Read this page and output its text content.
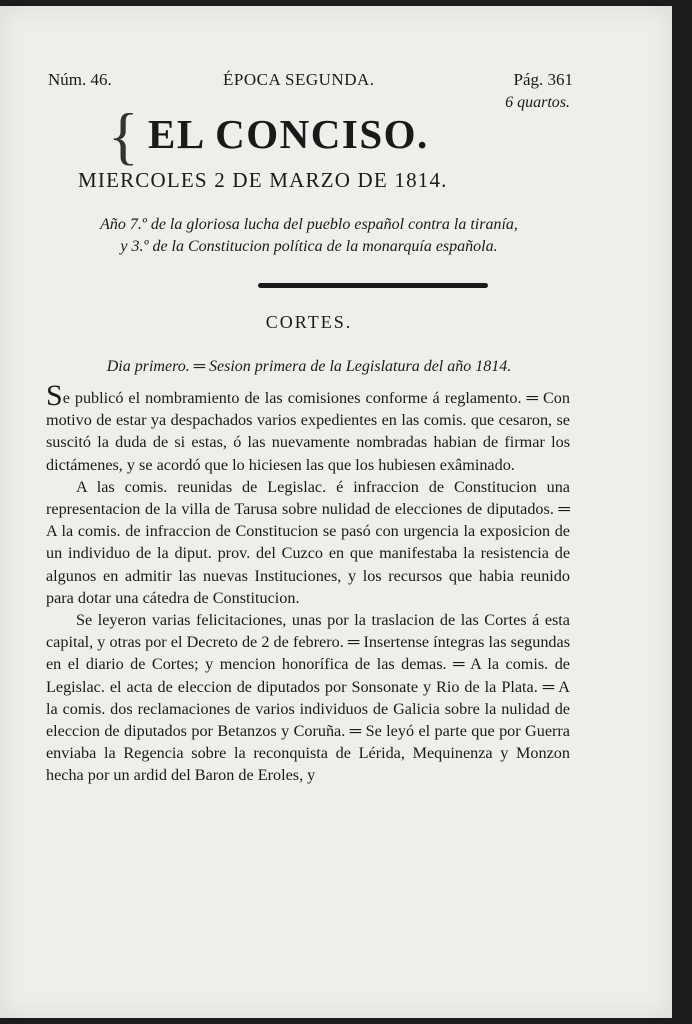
Núm. 46.	ÉPOCA SEGUNDA.	Pág. 361
6 quartos.
{ EL CONCISO.
MIERCOLES 2 DE MARZO DE 1814.
Año 7.º de la gloriosa lucha del pueblo español contra la tiranía,
y 3.º de la Constitucion política de la monarquía española.
CORTES.
Dia primero. ═ Sesion primera de la Legislatura del año 1814.

Se publicó el nombramiento de las comisiones conforme á reglamento. ═ Con motivo de estar ya despachados varios expedientes en las comis. que cesaron, se suscitó la duda de si estas, ó las nuevamente nombradas habian de firmar los dictámenes, y se acordó que lo hiciesen las que los hubiesen exâminado.

A las comis. reunidas de Legislac. é infraccion de Constitucion una representacion de la villa de Tarusa sobre nulidad de elecciones de diputados. ═ A la comis. de infraccion de Constitucion se pasó con urgencia la exposicion de un individuo de la diput. prov. del Cuzco en que manifestaba la resistencia de algunos en admitir las nuevas Instituciones, y los recursos que habia reunido para dotar una cátedra de Constitucion.

Se leyeron varias felicitaciones, unas por la traslacion de las Cortes á esta capital, y otras por el Decreto de 2 de febrero. ═ Insertense íntegras las segundas en el diario de Cortes; y mencion honorífica de las demas. ═ A la comis. de Legislac. el acta de eleccion de diputados por Sonsonate y Rio de la Plata. ═ A la comis. dos reclamaciones de varios individuos de Galicia sobre la nulidad de eleccion de diputados por Betanzos y Coruña. ═ Se leyó el parte que por Guerra enviaba la Regencia sobre la reconquista de Lérida, Mequinenza y Monzon hecha por un ardid del Baron de Eroles, y
